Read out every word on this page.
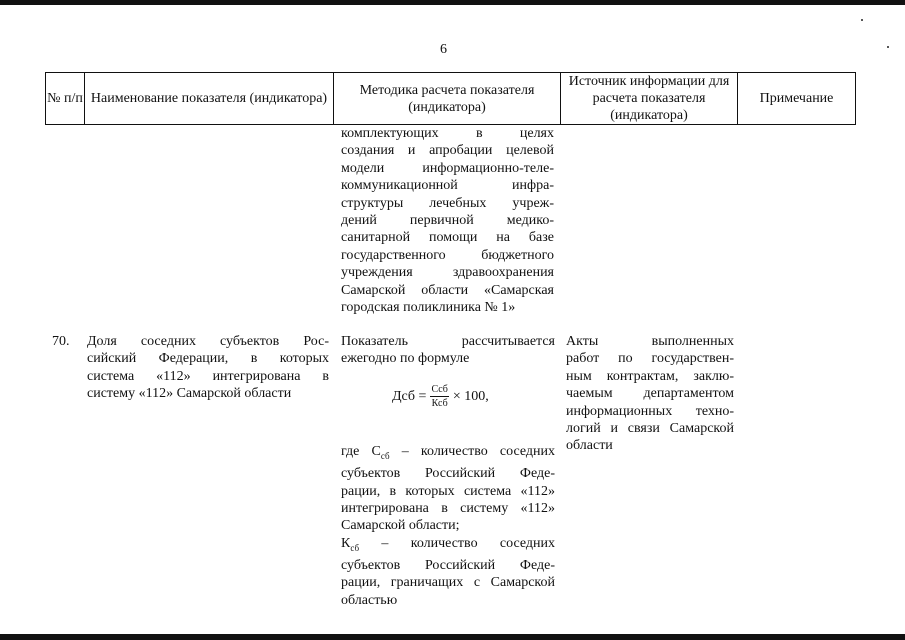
6
№ п/п Наименование показателя (индикатора)
Методика расчета показателя (индикатора)
Источник информации для расчета показателя (индикатора)
Примечание
комплектующих в целях
создания и апробации целевой
модели информационно-теле-
коммуникационной инфра-
структуры лечебных учреж-
дений первичной медико-
санитарной помощи на базе
государственного бюджетного
учреждения здравоохранения
Самарской области «Самарская
городская поликлиника № 1»
70. Доля соседних субъектов Рос-
сийский Федерации, в которых
система «112» интегрирована в
систему «112» Самарской области
Показатель рассчитывается
ежегодно по формуле
Дсб = $\frac{\text{Ссб}}{\text{Ксб}} \times 100$,
где $С_{сб}$ – количество соседних
субъектов Российский Феде-
рации, в которых система «112»
интегрирована в систему «112»
Самарской области;
$К_{сб}$ – количество соседних
субъектов Российский Феде-
рации, граничащих с Самарской
областью
Акты выполненных
работ по государствен-
ным контрактам, заклю-
чаемым департаментом
информационных техно-
логий и связи Самарской
области
